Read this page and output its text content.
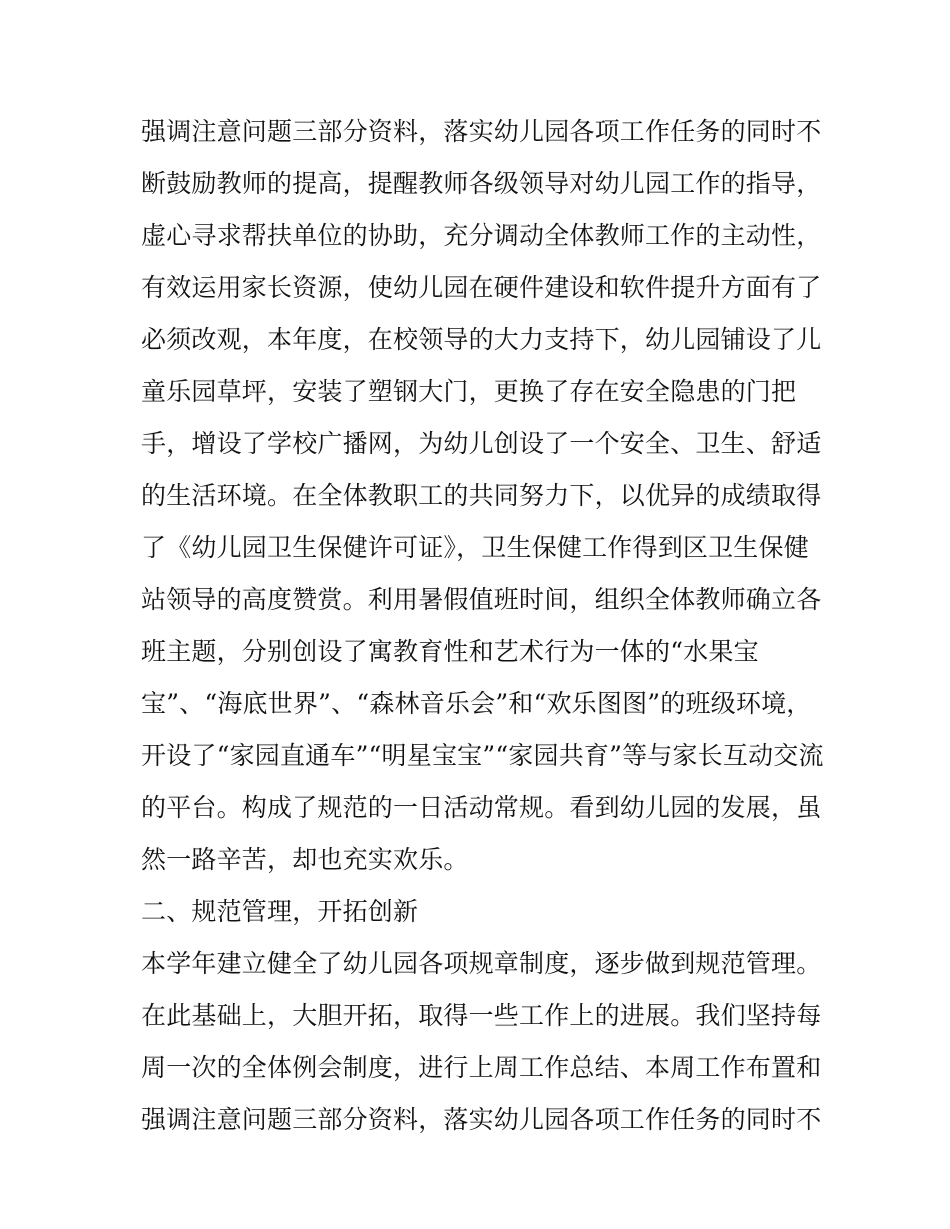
强调注意问题三部分资料，落实幼儿园各项工作任务的同时不
断鼓励教师的提高，提醒教师各级领导对幼儿园工作的指导，
虚心寻求帮扶单位的协助，充分调动全体教师工作的主动性，
有效运用家长资源，使幼儿园在硬件建设和软件提升方面有了
必须改观，本年度，在校领导的大力支持下，幼儿园铺设了儿
童乐园草坪，安装了塑钢大门，更换了存在安全隐患的门把
手，增设了学校广播网，为幼儿创设了一个安全、卫生、舒适
的生活环境。在全体教职工的共同努力下，以优异的成绩取得
了《幼儿园卫生保健许可证》，卫生保健工作得到区卫生保健
站领导的高度赞赏。利用暑假值班时间，组织全体教师确立各
班主题，分别创设了寓教育性和艺术行为一体的“水果宝
宝”、“海底世界”、“森林音乐会”和“欢乐图图”的班级环境，
开设了“家园直通车”“明星宝宝”“家园共育”等与家长互动交流
的平台。构成了规范的一日活动常规。看到幼儿园的发展，虽
然一路辛苦，却也充实欢乐。
二、规范管理，开拓创新
本学年建立健全了幼儿园各项规章制度，逐步做到规范管理。
在此基础上，大胆开拓，取得一些工作上的进展。我们坚持每
周一次的全体例会制度，进行上周工作总结、本周工作布置和
强调注意问题三部分资料，落实幼儿园各项工作任务的同时不
